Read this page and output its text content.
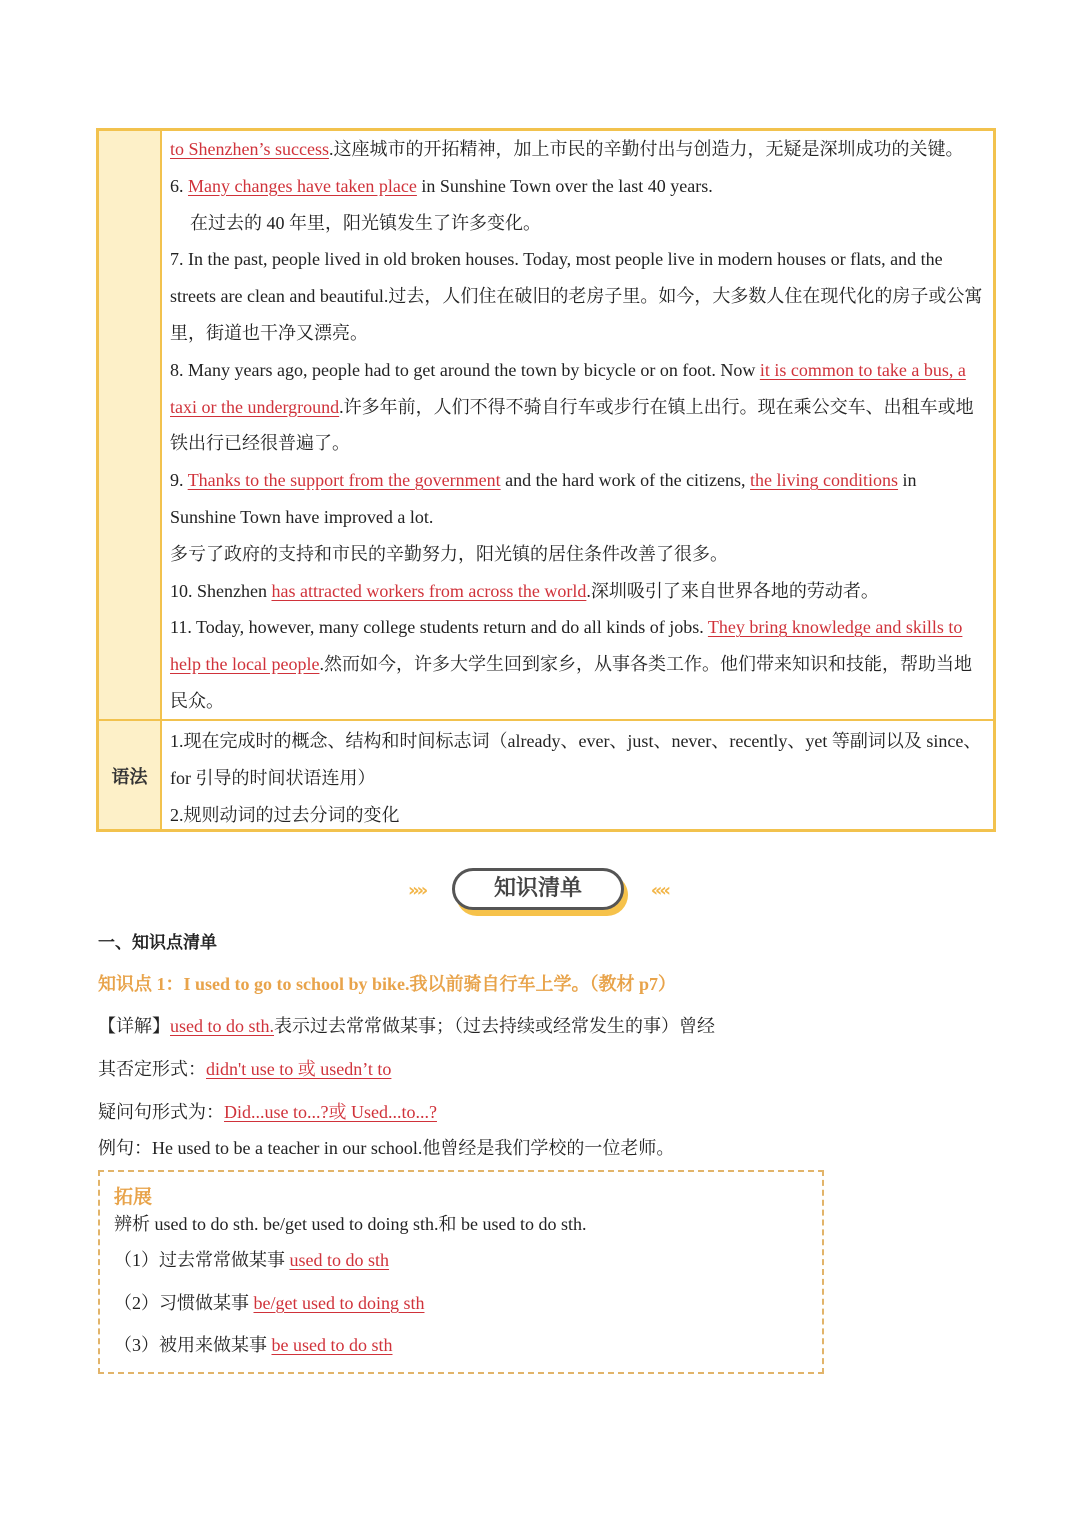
to Shenzhen’s success.这座城市的开拓精神，加上市民的辛勤付出与创造力，无疑是深圳成功的关键。

6. Many changes have taken place in Sunshine Town over the last 40 years.

在过去的 40 年里，阳光镇发生了许多变化。

7. In the past, people lived in old broken houses. Today, most people live in modern houses or flats, and the streets are clean and beautiful.过去，人们住在破旧的老房子里。如今，大多数人住在现代化的房子或公寓里，街道也干净又漂亮。

8. Many years ago, people had to get around the town by bicycle or on foot. Now it is common to take a bus, a taxi or the underground.许多年前，人们不得不骑自行车或步行在镇上出行。现在乘公交车、出租车或地铁出行已经很普遍了。

9. Thanks to the support from the government and the hard work of the citizens, the living conditions in Sunshine Town have improved a lot.

多亏了政府的支持和市民的辛勤努力，阳光镇的居住条件改善了很多。

10. Shenzhen has attracted workers from across the world.深圳吸引了来自世界各地的劳动者。

11. Today, however, many college students return and do all kinds of jobs. They bring knowledge and skills to help the local people.然而如今，许多大学生回到家乡，从事各类工作。他们带来知识和技能，帮助当地民众。

语法

1.现在完成时的概念、结构和时间标志词（already、ever、just、never、recently、yet 等副词以及 since、for 引导的时间状语连用）

2.规则动词的过去分词的变化

»»	知识清单	««
一、知识点清单
知识点 1：I used to go to school by bike.我以前骑自行车上学。（教材 p7）
【详解】used to do sth.表示过去常常做某事；（过去持续或经常发生的事）曾经
其否定形式：didn't use to 或 usedn’t to
疑问句形式为：Did...use to...?或 Used...to...?
例句：He used to be a teacher in our school.他曾经是我们学校的一位老师。
拓展
辨析 used to do sth. be/get used to doing sth.和 be used to do sth.
（1）过去常常做某事 used to do sth
（2）习惯做某事 be/get used to doing sth
（3）被用来做某事 be used to do sth
